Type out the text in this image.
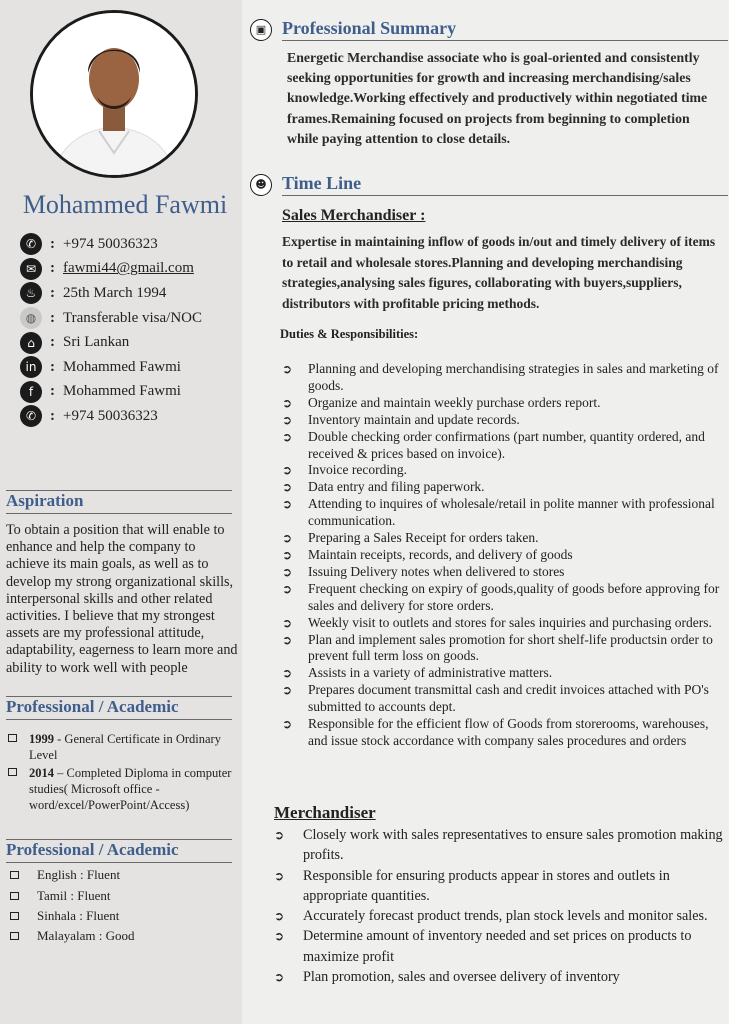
Mohammed Fawmi
✆ : +974 50036323
✉ : fawmi44@gmail.com
♨ : 25th March 1994
◍ : Transferable visa/NOC
⌂	: Sri Lankan
in : Mohammed Fawmi
f	: Mohammed Fawmi
✆ : +974 50036323
Aspiration
To obtain a position that will enable to enhance and help the company to achieve its main goals, as well as to develop my strong organizational skills, interpersonal skills and other related activities. I believe that my strongest assets are my professional attitude, adaptability, eagerness to learn more and ability to work well with people
Professional / Academic
1999 - General Certificate in Ordinary Level
2014 – Completed Diploma in computer studies( Microsoft office -word/excel/PowerPoint/Access)
Professional / Academic
English : Fluent
Tamil : Fluent
Sinhala : Fluent
Malayalam : Good
▣ Professional Summary
Energetic Merchandise associate who is goal-oriented and consistently seeking opportunities for growth and increasing merchandising/sales knowledge.Working effectively and productively within negotiated time frames.Remaining focused on projects from beginning to completion while paying attention to close details.
☻ Time Line
Sales Merchandiser :
Expertise in maintaining inflow of goods in/out and timely delivery of items to retail and wholesale stores.Planning and developing merchandising strategies,analysing sales figures, collaborating with buyers,suppliers, distributors with profitable pricing methods.
Duties & Responsibilities:
➲	Planning and developing merchandising strategies in sales and marketing of goods.
➲	Organize and maintain weekly purchase orders report.
➲	Inventory maintain and update records.
➲	Double checking order confirmations (part number, quantity ordered, and received & prices based on invoice).
➲	Invoice recording.
➲	Data entry and filing paperwork.
➲	Attending to inquires of wholesale/retail in polite manner with professional communication.
➲	Preparing a Sales Receipt for orders taken.
➲	Maintain receipts, records, and delivery of goods
➲	Issuing Delivery notes when delivered to stores
➲	Frequent checking on expiry of goods,quality of goods before approving for sales and delivery for store orders.
➲	Weekly visit to outlets and stores for sales inquiries and purchasing orders.
➲	Plan and implement sales promotion for short shelf-life productsin order to prevent full term loss on goods.
➲	Assists in a variety of administrative matters.
➲	Prepares document transmittal cash and credit invoices attached with PO's submitted to accounts dept.
➲	Responsible for the efficient flow of Goods from storerooms, warehouses, and issue stock accordance with company sales procedures and orders
Merchandiser
➲	Closely work with sales representatives to ensure sales promotion making profits.
➲	Responsible for ensuring products appear in stores and outlets in appropriate quantities.
➲	Accurately forecast product trends, plan stock levels and monitor sales.
➲	Determine amount of inventory needed and set prices on products to maximize profit
➲	Plan promotion, sales and oversee delivery of inventory
